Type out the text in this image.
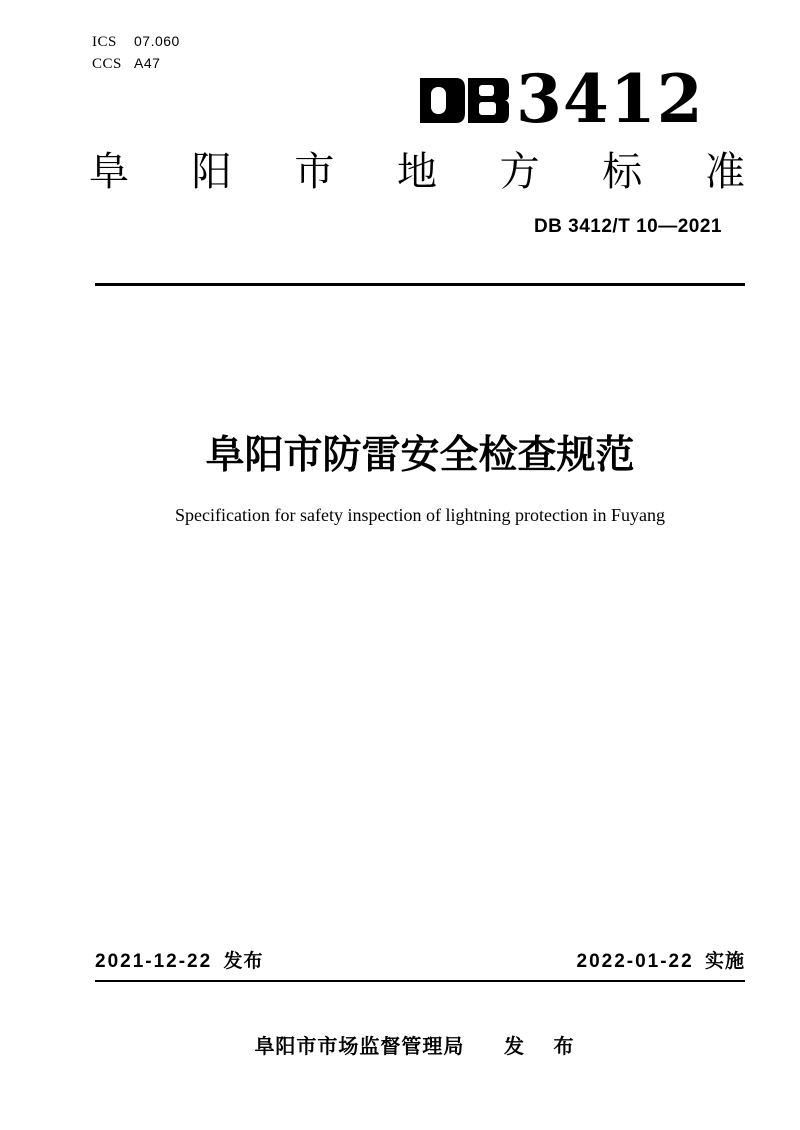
ICS	07.060
CCS A47	3412
阜 阳 市 地 方 标 准
DB 3412/T 10—2021
阜阳市防雷安全检查规范
Specification for safety inspection of lightning protection in Fuyang
2021-12-22 发布	2022-01-22 实施
阜阳市市场监督管理局 发 布
